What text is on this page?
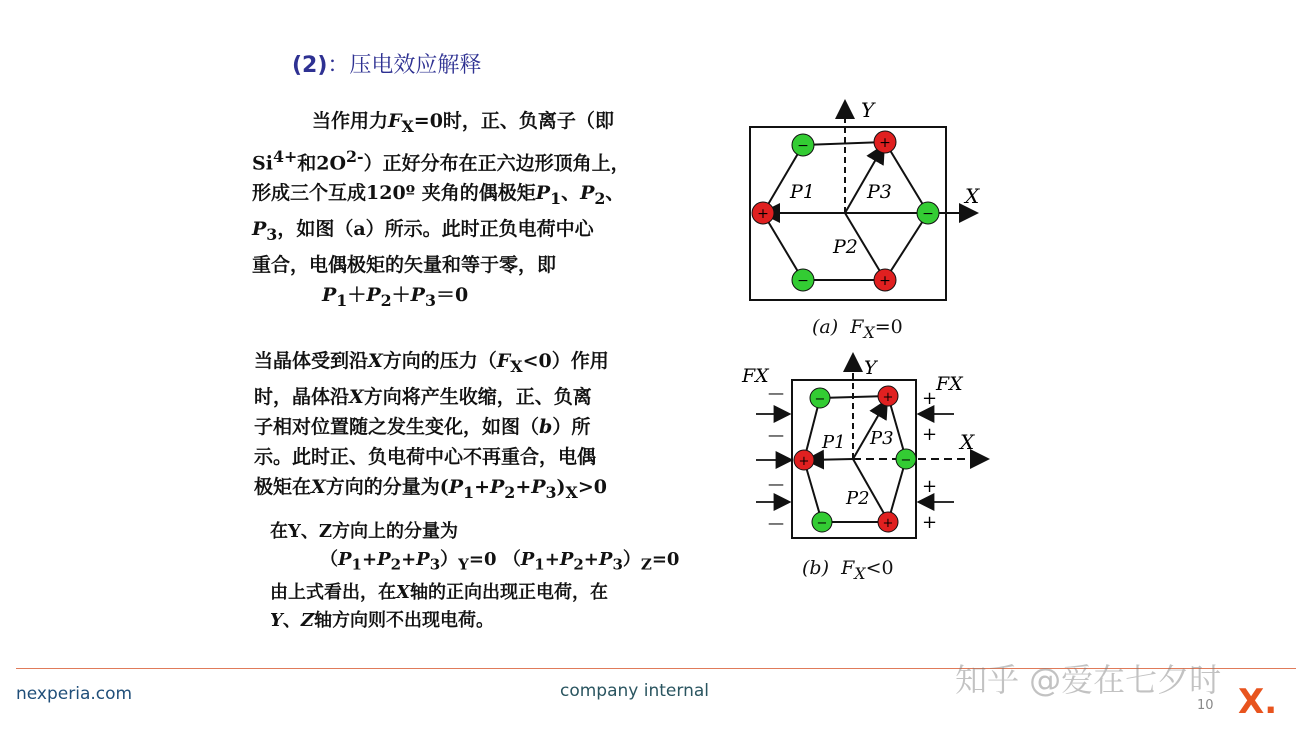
(2)：压电效应解释
当作用力$F_X=0$时，正、负离子（即
$Si^{4+}$和$2O^{2-}$）正好分布在正六边形顶角上，
形成三个互成120º 夹角的偶极矩$P_1$、$P_2$、
$P_3$，如图（a）所示。此时正负电荷中心
重合，电偶极矩的矢量和等于零，即
$P_1+P_2+P_3=0$
当晶体受到沿X方向的压力$(F_X<0)$作用
时，晶体沿X方向将产生收缩，正、负离
子相对位置随之发生变化，如图（b）所
示。此时正、负电荷中心不再重合，电偶
极矩在X方向的分量为$(P_1+P_2+P_3)_X>0$
在Y、Z方向上的分量为
$(P_1+P_2+P_3)_Y=0$ $(P_1+P_2+P_3)_Z=0$
由上式看出，在X轴的正向出现正电荷，在
Y、Z轴方向则不出现电荷。
−	+
+	−
−	+
Y
X
P1	P3
P2
(a) $F_X=0$
−	+
+	−
−	+
—
—
—
—
+
+
+
+
FX	FX
Y
X
P1 P3
P2
(b) $F_X<0$
nexperia.com	company internal	知乎 @爱在七夕时
10 X.
